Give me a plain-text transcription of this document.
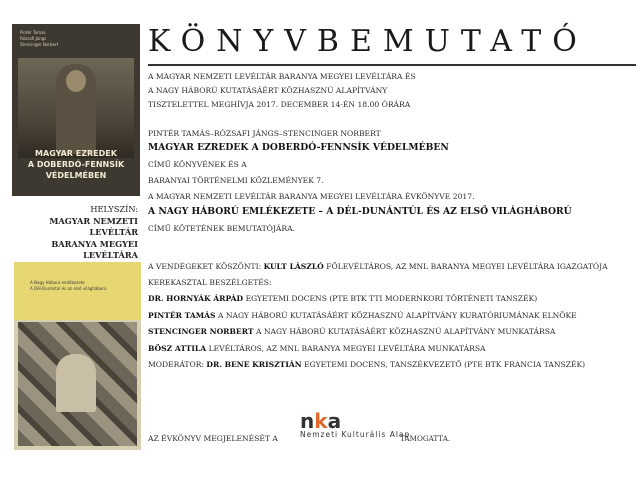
KÖNYVBEMUTATÓ
Pintér Tamás
Rózsafi Jángs
Stencinger Norbert
MAGYAR EZREDEK
A DOBERDÓ-FENNSÍK
VÉDELMÉBEN
HELYSZÍN:
MAGYAR NEMZETI LEVÉLTÁR
BARANYA MEGYEI LEVÉLTÁRA
A Nagy Háború emlékezete
A Dél-Dunántúl és az első világháború
A MAGYAR NEMZETI LEVÉLTÁR BARANYA MEGYEI LEVÉLTÁRA ÉS
A NAGY HÁBORÚ KUTATÁSÁÉRT KÖZHASZNÚ ALAPÍTVÁNY
TISZTELETTEL MEGHÍVJA 2017. DECEMBER 14-ÉN 18.00 ÓRÁRA
PINTÉR TAMÁS–RÓZSAFI JÁNGS–STENCINGER NORBERT
MAGYAR EZREDEK A DOBERDÓ-FENNSÍK VÉDELMÉBEN
CÍMŰ KÖNYVÉNEK ÉS A
BARANYAI TÖRTÉNELMI KÖZLEMÉNYEK 7.
A MAGYAR NEMZETI LEVÉLTÁR BARANYA MEGYEI LEVÉLTÁRA ÉVKÖNYVE 2017.
A NAGY HÁBORÚ EMLÉKEZETE – A DÉL-DUNÁNTÚL ÉS AZ ELSŐ VILÁGHÁBORÚ
CÍMŰ KÖTETÉNEK BEMUTATÓJÁRA.
A VENDÉGEKET KÖSZÖNTI: KULT LÁSZLÓ FŐLEVÉLTÁROS, AZ MNL BARANYA MEGYEI LEVÉLTÁRA IGAZGATÓJA
KEREKASZTAL BESZÉLGETÉS:
DR. HORNYÁK ÁRPÁD EGYETEMI DOCENS (PTE BTK TTI MODERNKORI TÖRTÉNETI TANSZÉK)
PINTÉR TAMÁS A NAGY HÁBORÚ KUTATÁSÁÉRT KÖZHASZNÚ ALAPÍTVÁNY KURATÓRIUMÁNAK ELNÖKE
STENCINGER NORBERT A NAGY HÁBORÚ KUTATÁSÁÉRT KÖZHASZNÚ ALAPÍTVÁNY MUNKATÁRSA
BÖSZ ATTILA LEVÉLTÁROS, AZ MNL BARANYA MEGYEI LEVÉLTÁRA MUNKATÁRSA
MODERÁTOR: DR. BENE KRISZTIÁN EGYETEMI DOCENS, TANSZÉKVEZETŐ (PTE BTK FRANCIA TANSZÉK)
AZ ÉVKÖNYV MEGJELENÉSÉT A
nka
Nemzeti Kulturális Alap
TÁMOGATTA.
